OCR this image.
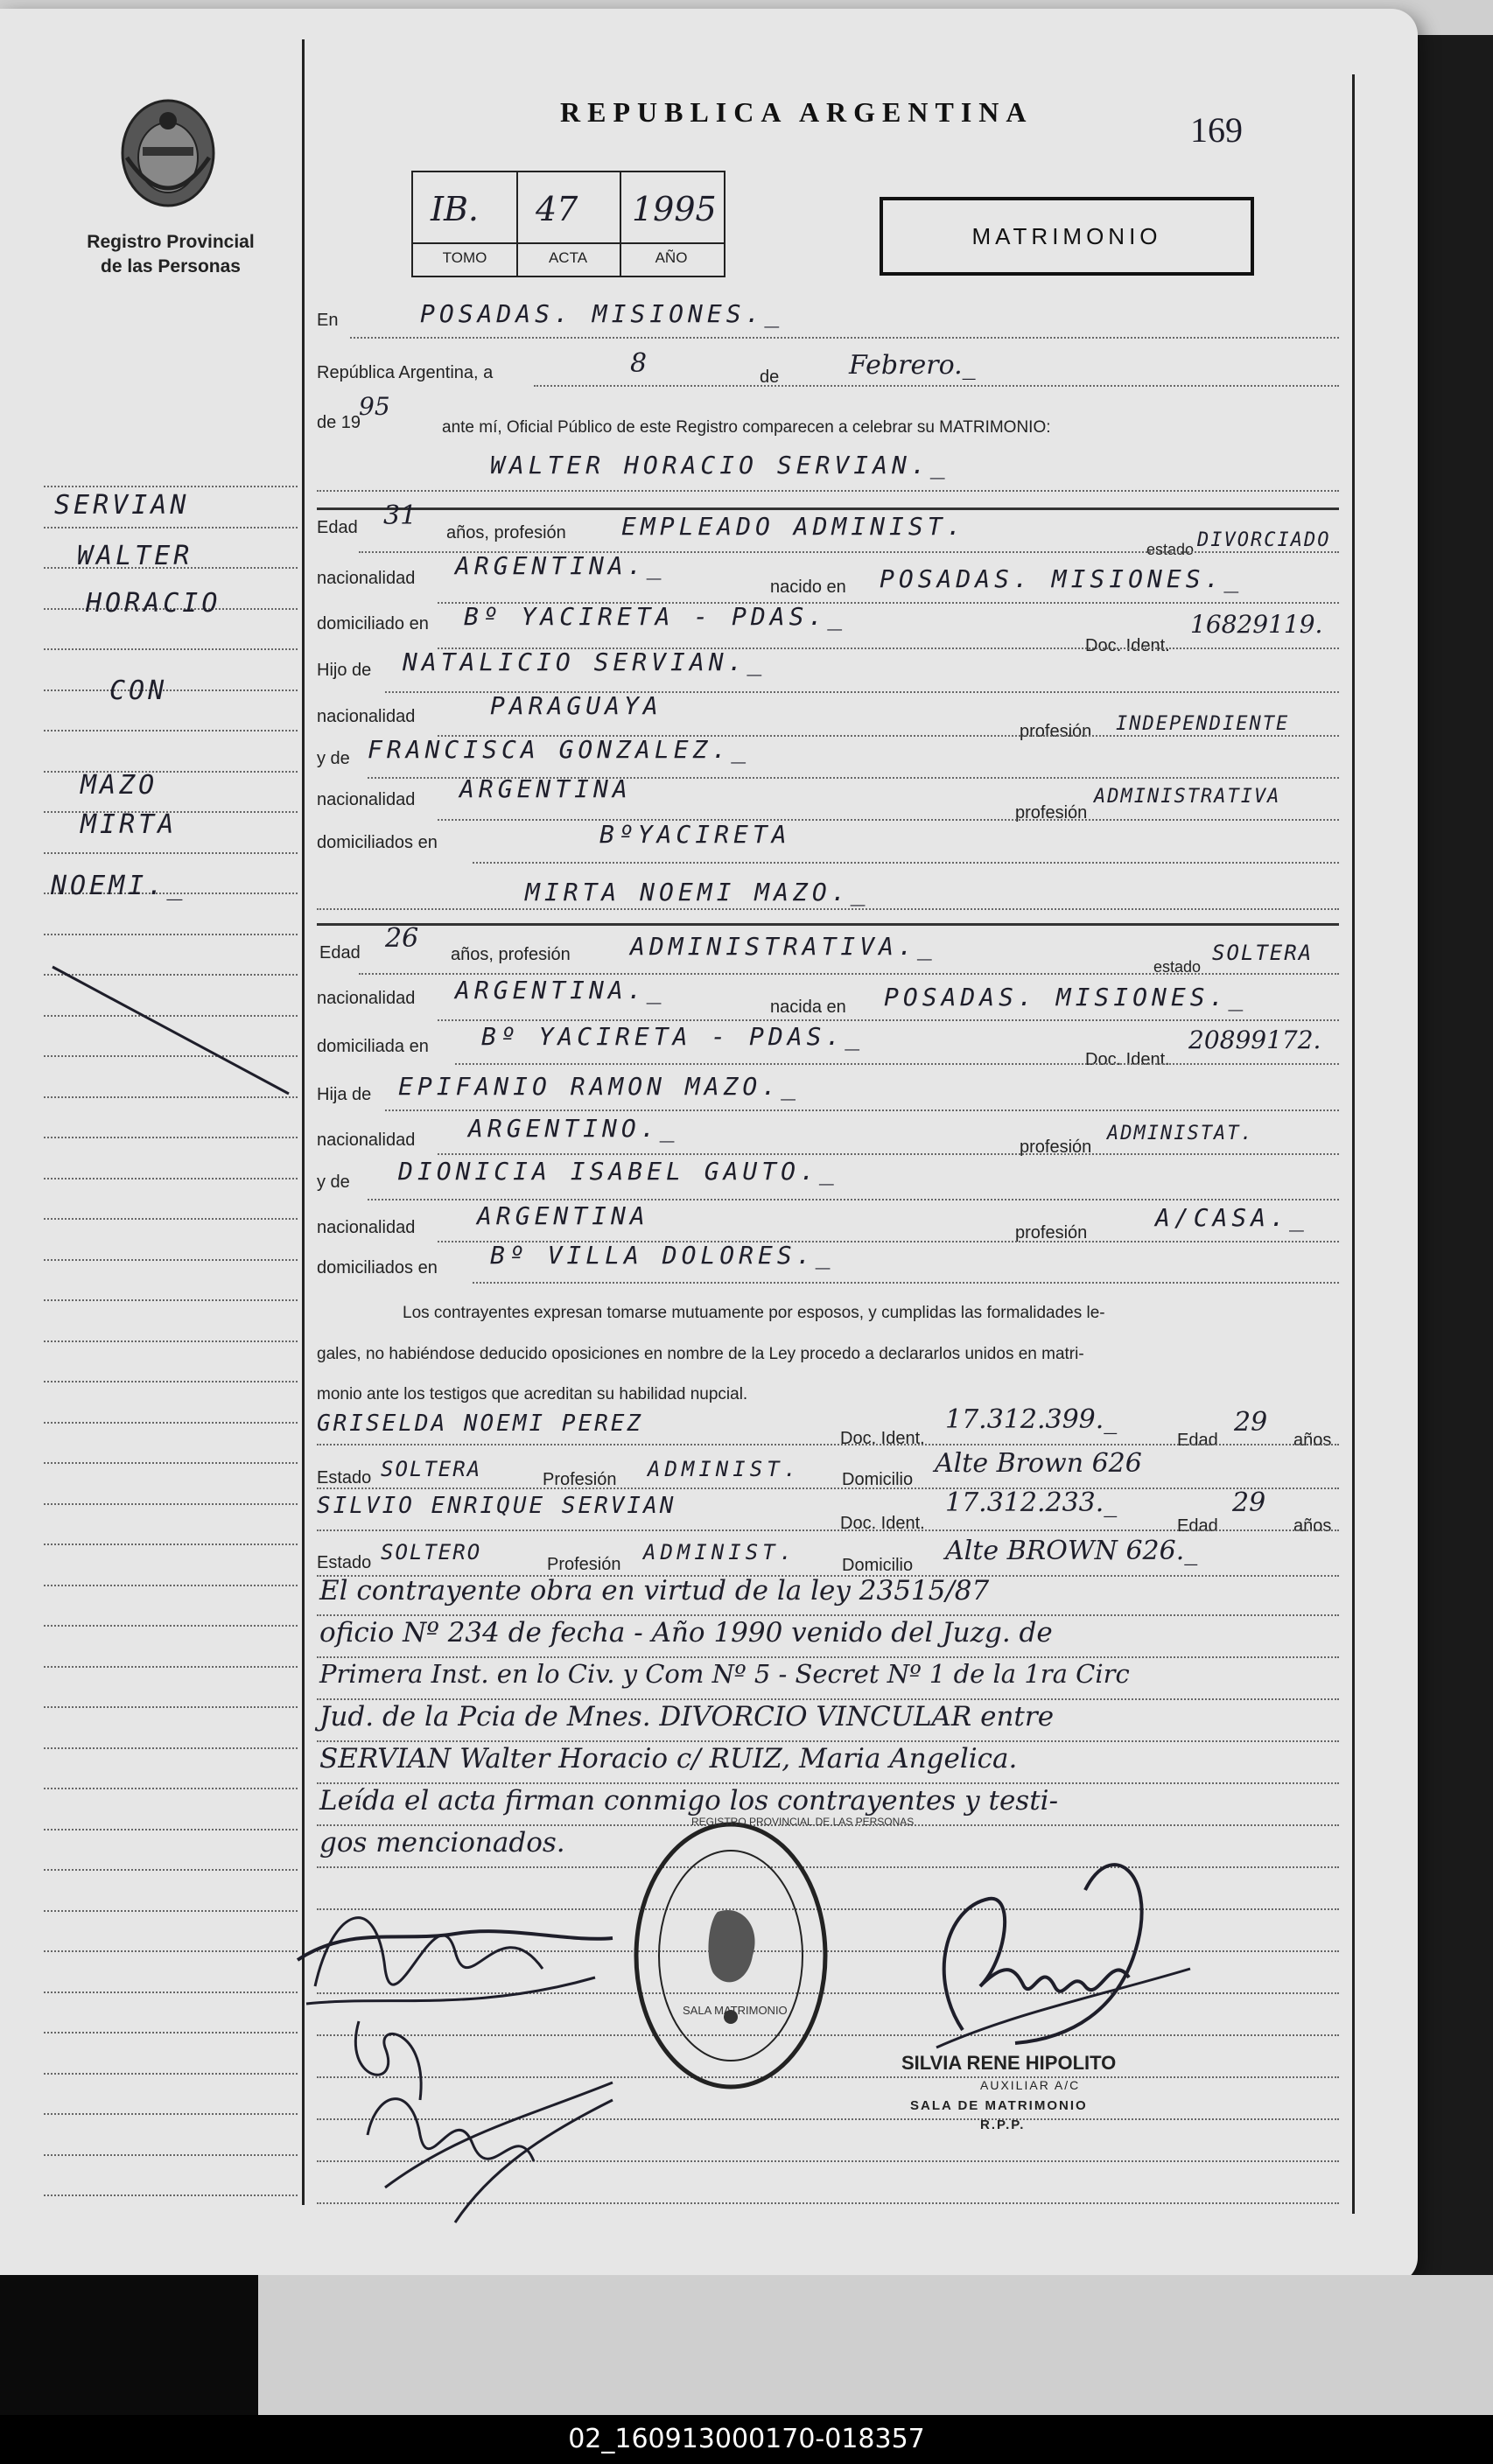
Registro Provincial
de las Personas
REPUBLICA ARGENTINA	169
IB. 47 1995
TOMO	ACTA	AÑO
MATRIMONIO
En	POSADAS. MISIONES._
República Argentina, a	8	de	Febrero._
de 19
95
ante mí, Oficial Público de este Registro comparecen a celebrar su MATRIMONIO:
WALTER HORACIO SERVIAN._
Edad 31
años, profesión EMPLEADO ADMINIST.
estado DIVORCIADO
nacionalidad ARGENTINA._
nacido en POSADAS. MISIONES._
domiciliado en Bº YACIRETA - PDAS._
Doc. Ident.
16829119.
Hijo de NATALICIO SERVIAN._
nacionalidad	PARAGUAYA
profesión INDEPENDIENTE
y de FRANCISCA GONZALEZ._
nacionalidad ARGENTINA
profesión
ADMINISTRATIVA
domiciliados en	BºYACIRETA
MIRTA NOEMI MAZO._
Edad 26
años, profesión ADMINISTRATIVA._
estado
SOLTERA
nacionalidad ARGENTINA._
nacida en POSADAS. MISIONES._
domiciliada en Bº YACIRETA - PDAS._
Doc. Ident.
20899172.
Hija de EPIFANIO RAMON MAZO._
nacionalidad ARGENTINO._
profesión
ADMINISTAT.
y de DIONICIA ISABEL GAUTO._
nacionalidad	ARGENTINA
profesión
A/CASA._
domiciliados en Bº VILLA DOLORES._
Los contrayentes expresan tomarse mutuamente por esposos, y cumplidas las formalidades le-
gales, no habiéndose deducido oposiciones en nombre de la Ley procedo a declararlos unidos en matri-
monio ante los testigos que acreditan su habilidad nupcial.
GRISELDA NOEMI PEREZ
Doc. Ident.
17.312.399._
Edad
29
años
Estado SOLTERA	Profesión ADMINIST. Domicilio
Alte Brown 626
SILVIO ENRIQUE SERVIAN
Doc. Ident.
17.312.233._
Edad
29
años
Estado SOLTERO	Profesión ADMINIST.
Domicilio Alte BROWN 626._
El contrayente obra en virtud de la ley 23515/87
oficio Nº 234 de fecha - Año 1990 venido del Juzg. de
Primera Inst. en lo Civ. y Com Nº 5 - Secret Nº 1 de la 1ra Circ
Jud. de la Pcia de Mnes. DIVORCIO VINCULAR entre
SERVIAN Walter Horacio c/ RUIZ, Maria Angelica.
Leída el acta firman conmigo los contrayentes y testi-
gos mencionados.
REGISTRO PROVINCIAL DE LAS PERSONAS
SALA MATRIMONIO
SILVIA RENE HIPOLITO
AUXILIAR A/C
SALA DE MATRIMONIO
R.P.P.
SERVIAN
WALTER
HORACIO
CON
MAZO
MIRTA
NOEMI._
02_160913000170-018357
